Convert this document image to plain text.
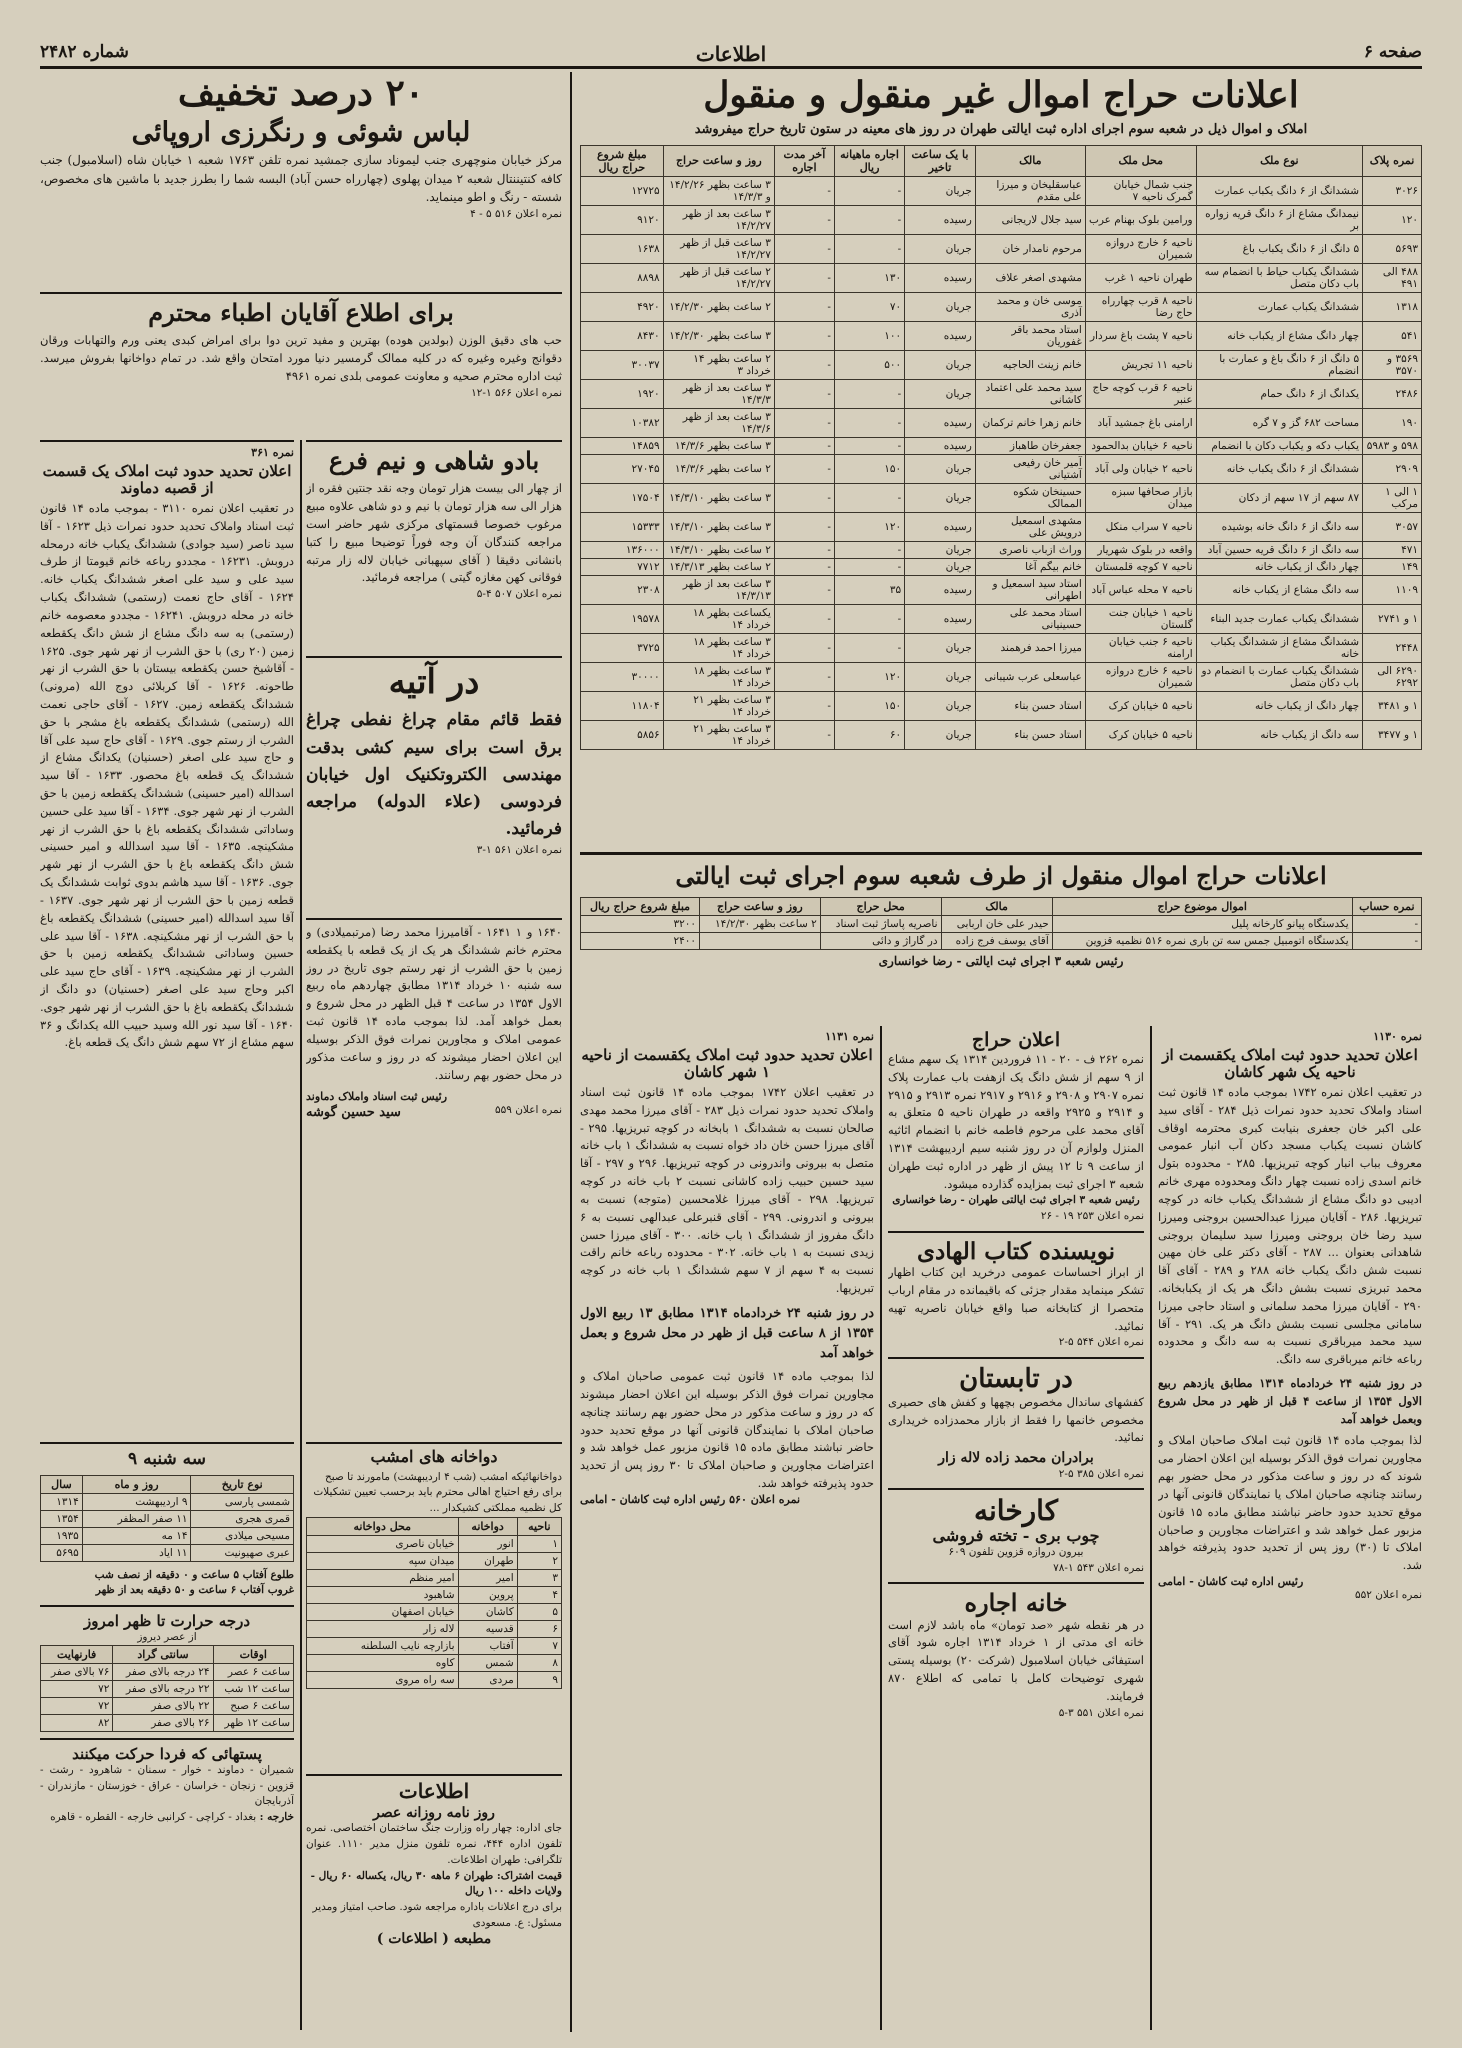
صفحه ۶
اطلاعات
شماره ۲۴۸۲
اعلانات حراج اموال غیر منقول و منقول
املاک و اموال ذیل در شعبه سوم اجرای اداره ثبت ایالتی طهران در روز های معینه در ستون تاریخ حراج میفروشد
نمره پلاک	نوع ملک	محل ملک	مالک	با یک ساعت تاخیر	اجاره ماهیانه ریال	آخر مدت اجاره	روز و ساعت حراج	مبلغ شروع حراج ریال
۳۰۲۶	ششدانگ از ۶ دانگ یکباب عمارت	جنب شمال خیابان گمرک ناحیه ۷	عباسقلیخان و میرزا علی مقدم	جریان	-	-	۳ ساعت بظهر ۱۴/۲/۲۶ و ۱۴/۳/۳	۱۲۷۲۵
۱۲۰	نیمدانگ مشاع از ۶ دانگ قریه زواره بر	ورامین بلوک بهنام عرب	سید جلال لاریجانی	رسیده	-	-	۳ ساعت بعد از ظهر ۱۴/۲/۲۷	۹۱۲۰
۵۶۹۳	۵ دانگ از ۶ دانگ یکباب باغ	ناحیه ۶ خارج دروازه شمیران	مرحوم نامدار خان	جریان	-	-	۳ ساعت قبل از ظهر ۱۴/۲/۲۷	۱۶۳۸
۴۸۸ الی ۴۹۱	ششدانگ یکباب حیاط با انضمام سه باب دکان متصل	طهران ناحیه ۱ غرب	مشهدی اصغر علاف	رسیده	۱۳۰	-	۲ ساعت قبل از ظهر ۱۴/۲/۲۷	۸۸۹۸
۱۳۱۸	ششدانگ یکباب عمارت	ناحیه ۸ قرب چهارراه حاج رضا	موسی خان و محمد آذری	جریان	۷۰	-	۲ ساعت بظهر ۱۴/۲/۳۰	۴۹۲۰
۵۴۱	چهار دانگ مشاع از یکباب خانه	ناحیه ۷ پشت باغ سردار	استاد محمد باقر غفوریان	رسیده	۱۰۰	-	۳ ساعت بظهر ۱۴/۲/۳۰	۸۴۳۰
۳۵۶۹ و ۳۵۷۰	۵ دانگ از ۶ دانگ باغ و عمارت با انضمام	ناحیه ۱۱ تجریش	خانم زینت الحاجیه	جریان	۵۰۰	-	۲ ساعت بظهر ۱۴ خرداد ۳	۳۰۰۳۷
۲۴۸۶	یکدانگ از ۶ دانگ حمام	ناحیه ۶ قرب کوچه حاج عنبر	سید محمد علی اعتماد کاشانی	جریان	-	-	۳ ساعت بعد از ظهر ۱۴/۳/۳	۱۹۲۰
۱۹۰	مساحت ۶۸۲ گز و ۷ گره	ارامنی باغ جمشید آباد	خانم زهرا خانم ترکمان	رسیده	-	-	۳ ساعت بعد از ظهر ۱۴/۳/۶	۱۰۳۸۲
۵۹۸ و ۵۹۸۳	یکباب دکه و یکباب دکان با انضمام	ناحیه ۶ خیابان بدالحمود	جعفرخان طاهباز	رسیده	-	-	۳ ساعت بظهر ۱۴/۳/۶	۱۴۸۵۹
۲۹۰۹	ششدانگ از ۶ دانگ یکباب خانه	ناحیه ۲ خیابان ولی آباد	آمیر خان رفیعی آشتیانی	جریان	۱۵۰	-	۲ ساعت بظهر ۱۴/۳/۶	۲۷۰۴۵
۱ الی ۱ مرکب	۸۷ سهم از ۱۷ سهم از دکان	بازار صحافها سبزه میدان	حسینخان شکوه الممالک	جریان	-	-	۳ ساعت بظهر ۱۴/۳/۱۰	۱۷۵۰۴
۳۰۵۷	سه دانگ از ۶ دانگ خانه بوشیده	ناحیه ۷ سراب منکل	مشهدی اسمعیل درویش علی	رسیده	۱۲۰	-	۳ ساعت بظهر ۱۴/۳/۱۰	۱۵۳۳۳
۴۷۱	سه دانگ از ۶ دانگ قریه حسین آباد	واقعه در بلوک شهریار	وراث ازباب ناصری	جریان	-	-	۲ ساعت بظهر ۱۴/۳/۱۰	۱۳۶۰۰۰
۱۴۹	چهار دانگ از یکباب خانه	ناحیه ۷ کوچه قلمستان	خانم بیگم آغا	جریان	-	-	۲ ساعت بظهر ۱۴/۳/۱۳	۷۷۱۲
۱۱۰۹	سه دانگ مشاع از یکباب خانه	ناحیه ۷ محله عباس آباد	استاد سید اسمعیل و اطهرانی	رسیده	۳۵	-	۳ ساعت بعد از ظهر ۱۴/۳/۱۳	۲۳۰۸
۱ و ۲۷۴۱	ششدانگ یکباب عمارت جدید البناء	ناحیه ۱ خیابان جنت گلستان	استاد محمد علی حسینیانی	رسیده	-	-	یکساعت بظهر ۱۸ خرداد ۱۴	۱۹۵۷۸
۲۴۴۸	ششدانگ مشاع از ششدانگ یکباب خانه	ناحیه ۶ جنب خیابان ارامنه	میرزا احمد فرهمند	جریان	-	-	۳ ساعت بظهر ۱۸ خرداد ۱۴	۳۷۲۵
۶۲۹۰ الی ۶۲۹۲	ششدانگ یکباب عمارت با انضمام دو باب دکان متصل	ناحیه ۶ خارج دروازه شمیران	عباسعلی عرب شیبانی	جریان	۱۲۰	-	۳ ساعت بظهر ۱۸ خرداد ۱۴	۳۰۰۰۰
۱ و ۳۴۸۱	چهار دانگ از یکباب خانه	ناحیه ۵ خیابان کرک	استاد حسن بناء	جریان	۱۵۰	-	۳ ساعت بظهر ۲۱ خرداد ۱۴	۱۱۸۰۴
۱ و ۳۴۷۷	سه دانگ از یکباب خانه	ناحیه ۵ خیابان کرک	استاد حسن بناء	جریان	۶۰	-	۳ ساعت بظهر ۲۱ خرداد ۱۴	۵۸۵۶
اعلانات حراج اموال منقول از طرف شعبه سوم اجرای ثبت ایالتی
نمره حساب	اموال موضوع حراج	مالک	محل حراج	روز و ساعت حراج	مبلغ شروع حراج ریال
-	یکدستگاه پیانو کارخانه پلیل	حیدر علی خان اربابی	ناصریه پاساژ ثبت اسناد	۲ ساعت بظهر ۱۴/۲/۳۰	۳۲۰۰
-	یکدستگاه اتومبیل جمس سه تن باری نمره ۵۱۶ نظمیه قزوین	آقای یوسف فرج زاده	در گاراژ و دائی		۲۴۰۰
رئیس شعبه ۳ اجرای ثبت ایالتی - رضا خوانساری
نمره ۱۱۳۰
اعلان تحدید حدود ثبت املاک یکقسمت از ناحیه یک شهر کاشان
در تعقیب اعلان نمره ۱۷۴۲ بموجب ماده ۱۴ قانون ثبت اسناد واملاک تحدید حدود نمرات ذیل ۲۸۴ - آقای سید علی اکبر خان جعفری بنیابت کبری محترمه اوقاف کاشان نسبت یکباب مسجد دکان آب انبار عمومی معروف بباب انبار کوچه تبریزیها. ۲۸۵ - محدوده بتول خانم اسدی زاده نسبت چهار دانگ ومحدوده مهری خانم ادیبی دو دانگ مشاع از ششدانگ یکباب خانه در کوچه تبریزیها. ۲۸۶ - آقایان میرزا عبدالحسین بروجنی ومیرزا سید رضا خان بروجنی ومیرزا سید سلیمان بروجنی شاهدانی بعنوان ... ۲۸۷ - آقای دکتر علی خان مهین نسبت شش دانگ یکباب خانه ۲۸۸ و ۲۸۹ - آقای آقا محمد تبریزی نسبت بشش دانگ هر یک از یکبابخانه. ۲۹۰ - آقایان میرزا محمد سلمانی و استاد حاجی میرزا سامانی مجلسی نسبت بشش دانگ هر یک. ۲۹۱ - آقا سید محمد میرباقری نسبت به سه دانگ و محدوده رباعه خانم میرباقری سه دانگ.
در روز شنبه ۲۴ خردادماه ۱۳۱۴ مطابق یازدهم ربیع الاول ۱۳۵۴ از ساعت ۴ قبل از ظهر در محل شروع وبعمل خواهد آمد
لذا بموجب ماده ۱۴ قانون ثبت املاک صاحبان املاک و مجاورین نمرات فوق الذکر بوسیله این اعلان احضار می شوند که در روز و ساعت مذکور در محل حضور بهم رسانند چنانچه صاحبان املاک یا نمایندگان قانونی آنها در موقع تحدید حدود حاضر نباشند مطابق ماده ۱۵ قانون مزبور عمل خواهد شد و اعتراضات مجاورین و صاحبان املاک تا (۳۰) روز پس از تحدید حدود پذیرفته خواهد شد.
رئیس اداره ثبت کاشان - امامی
نمره اعلان ۵۵۲
اعلان حراج
نمره ۲۶۲ ف - ۲۰ - ۱۱ فروردین ۱۳۱۴ یک سهم مشاع از ۹ سهم از شش دانگ یک ازهفت باب عمارت پلاک نمره ۲۹۰۷ و ۲۹۰۸ و ۲۹۱۶ و ۲۹۱۷ نمره ۲۹۱۳ و ۲۹۱۵ و ۲۹۱۴ و ۲۹۲۵ واقعه در طهران ناحیه ۵ متعلق به آقای محمد علی مرحوم فاطمه خانم با انضمام اثاثیه المنزل ولوازم آن در روز شنبه سیم اردیبهشت ۱۳۱۴ از ساعت ۹ تا ۱۲ پیش از ظهر در اداره ثبت طهران شعبه ۳ اجرای ثبت بمزایده گذارده میشود.
رئیس شعبه ۳ اجرای ثبت ایالتی طهران - رضا خوانساری
نمره اعلان ۲۵۳ ۱۹ - ۲۶
نویسنده کتاب الهادی
از ابراز احساسات عمومی درخرید این کتاب اظهار تشکر مینماید مقدار جزئی که باقیمانده در مقام ارباب متحصرا از کتابخانه صبا واقع خیابان ناصریه تهیه نمائید.
نمره اعلان ۵۴۴ ۵-۲
در تابستان
کفشهای ساندال مخصوص بچهها و کفش های حصیری مخصوص خانمها را فقط از بازار محمدزاده خریداری نمائید.
برادران محمد زاده لاله زار
نمره اعلان ۳۸۵ ۵-۲
کارخانه
چوب بری - تخته فروشی
بیرون دروازه قزوین تلفون ۶۰۹
نمره اعلان ۵۴۳ ۱-۷۸
خانه اجاره
در هر نقطه شهر «صد تومان» ماه باشد لازم است خانه ای مدتی از ۱ خرداد ۱۳۱۴ اجاره شود آقای استیفائی خیابان اسلامبول (شرکت ۲۰) بوسیله پستی شهری توضیحات کامل با تمامی که اطلاع ۸۷۰ فرمایند.
نمره اعلان ۵۵۱ ۳-۵
نمره ۱۱۳۱
اعلان تحدید حدود ثبت املاک یکقسمت از ناحیه ۱ شهر کاشان
در تعقیب اعلان ۱۷۴۲ بموجب ماده ۱۴ قانون ثبت اسناد واملاک تحدید حدود نمرات ذیل ۲۸۳ - آقای میرزا محمد مهدی صالحان نسبت به ششدانگ ۱ بابخانه در کوچه تبریزیها. ۲۹۵ - آقای میرزا حسن خان داد خواه نسبت به ششدانگ ۱ باب خانه متصل به بیرونی واندرونی در کوچه تبریزیها. ۲۹۶ و ۲۹۷ - آقا سید حسین حبیب زاده کاشانی نسبت ۲ باب خانه در کوچه تبریزیها. ۲۹۸ - آقای میرزا غلامحسین (متوجه) نسبت به بیرونی و اندرونی. ۲۹۹ - آقای قنبرعلی عبدالهی نسبت به ۶ دانگ مفروز از ششدانگ ۱ باب خانه. ۳۰۰ - آقای میرزا حسن زیدی نسبت به ۱ باب خانه. ۳۰۲ - محدوده رباعه خانم راقت نسبت به ۴ سهم از ۷ سهم ششدانگ ۱ باب خانه در کوچه تبریزیها.
در روز شنبه ۲۴ خردادماه ۱۳۱۴ مطابق ۱۳ ربیع الاول ۱۳۵۴ از ۸ ساعت قبل از ظهر در محل شروع و بعمل خواهد آمد
لذا بموجب ماده ۱۴ قانون ثبت عمومی صاحبان املاک و مجاورین نمرات فوق الذکر بوسیله این اعلان احضار میشوند که در روز و ساعت مذکور در محل حضور بهم رسانند چنانچه صاحبان املاک با نمایندگان قانونی آنها در موقع تحدید حدود حاضر نباشند مطابق ماده ۱۵ قانون مزبور عمل خواهد شد و اعتراضات مجاورین و صاحبان املاک تا ۳۰ روز پس از تحدید حدود پذیرفته خواهد شد.
نمره اعلان ۵۶۰ رئیس اداره ثبت کاشان - امامی
۲۰ درصد تخفیف
لباس شوئی و رنگرزی اروپائی
مرکز خیابان منوچهری جنب لیموناد سازی جمشید نمره تلفن ۱۷۶۳ شعبه ۱ خیابان شاه (اسلامبول) جنب کافه کنتیننتال شعبه ۲ میدان پهلوی (چهارراه حسن آباد) البسه شما را بطرز جدید با ماشین های مخصوص، شسته - رنگ و اطو مینماید.
نمره اعلان ۵۱۶ ۵ - ۴
برای اطلاع آقایان اطباء محترم
حب های دقیق الوزن (بولدین هوده) بهترین و مفید ترین دوا برای امراض کبدی یعنی ورم والتهابات ورقان دقوانج وغیره وغیره که در کلیه ممالک گرمسیر دنیا مورد امتحان واقع شد. در تمام دواخانها بفروش میرسد. ثبت اداره محترم صحیه و معاونت عمومی بلدی نمره ۴۹۶۱
نمره اعلان ۵۶۶ ۱-۱۲
بادو شاهی و نیم فرع
از چهار الی بیست هزار تومان وجه نقد جنتین فقره از هزار الی سه هزار تومان با نیم و دو شاهی علاوه مبیع مرغوب خصوصا قسمتهای مرکزی شهر حاضر است مراجعه کنندگان آن وجه فوراً توضیحا مبیع را کتبا بانشانی دقیقا ( آقای سپهبانی خیابان لاله زار مرتبه فوقانی کهن مغازه گیتی ) مراجعه فرمائید.
نمره اعلان ۵۰۷ ۴-۵
در آتیه
فقط قائم مقام چراغ نفطی چراغ برق است برای سیم کشی بدقت مهندسی الکتروتکنیک اول خیابان فردوسی (علاء الدوله) مراجعه فرمائید.
نمره اعلان ۵۶۱ ۱-۳
۱۶۴۰ و ۱ ۱۶۴۱ - آقامیرزا محمد رضا (مرتبمیلادی) و محترم خانم ششدانگ هر یک از یک قطعه با یکقطعه زمین با حق الشرب از نهر رستم جوی تاریخ در روز سه شنبه ۱۰ خرداد ۱۳۱۴ مطابق چهاردهم ماه ربیع الاول ۱۳۵۴ در ساعت ۴ قبل الظهر در محل شروع و بعمل خواهد آمد. لذا بموجب ماده ۱۴ قانون ثبت عمومی املاک و مجاورین نمرات فوق الذکر بوسیله این اعلان احضار میشوند که در روز و ساعت مذکور در محل حضور بهم رسانند.
رئیس ثبت اسناد واملاک دماوند
نمره اعلان ۵۵۹
سید حسین گوشه
نمره ۳۶۱
اعلان تحدید حدود ثبت املاک یک قسمت از قصبه دماوند
در تعقیب اعلان نمره ۳۱۱۰ - بموجب ماده ۱۴ قانون ثبت اسناد واملاک تحدید حدود نمرات ذیل ۱۶۲۳ - آقا سید ناصر (سید جوادی) ششدانگ یکباب خانه درمحله دروبش. ۱۶۲۳۱ - مجددو رباعه خانم قیومتا از طرف سید علی و سید علی اصغر ششدانگ یکباب خانه. ۱۶۲۴ - آقای حاج نعمت (رستمی) ششدانگ یکباب خانه در محله دروبش. ۱۶۲۴۱ - مجددو معصومه خانم (رستمی) به سه دانگ مشاع از شش دانگ یکقطعه زمین (۲۰ ری) با حق الشرب از نهر شهر جوی. ۱۶۲۵ - آقاشیخ حسن یکقطعه بیستان با حق الشرب از نهر طاحونه. ۱۶۲۶ - آقا کربلائی دوج الله (مرونی) ششدانگ یکقطعه زمین. ۱۶۲۷ - آقای حاجی نعمت الله (رستمی) ششدانگ یکقطعه باغ مشجر با حق الشرب از رستم جوی. ۱۶۲۹ - آقای حاج سید علی آقا و حاج سید علی اصغر (حسنیان) یکدانگ مشاع از ششدانگ یک قطعه باغ محصور. ۱۶۳۳ - آقا سید اسدالله (امیر حسینی) ششدانگ یکقطعه زمین با حق الشرب از نهر شهر جوی. ۱۶۳۴ - آقا سید علی حسین وساداتی ششدانگ یکقطعه باغ با حق الشرب از نهر مشکینچه. ۱۶۳۵ - آقا سید اسدالله و امیر حسینی شش دانگ یکقطعه باغ با حق الشرب از نهر شهر جوی. ۱۶۳۶ - آقا سید هاشم بدوی ثوابت ششدانگ یک قطعه زمین با حق الشرب از نهر شهر جوی. ۱۶۳۷ - آقا سید اسدالله (امیر حسینی) ششدانگ یکقطعه باغ با حق الشرب از نهر مشکینچه. ۱۶۳۸ - آقا سید علی حسین وساداتی ششدانگ یکقطعه زمین با حق الشرب از نهر مشکینچه. ۱۶۳۹ - آقای حاج سید علی اکبر وحاج سید علی اصغر (حسنیان) دو دانگ از ششدانگ یکقطعه باغ با حق الشرب از نهر شهر جوی. ۱۶۴۰ - آقا سید نور الله وسید حبیب الله یکدانگ و ۳۶ سهم مشاع از ۷۲ سهم شش دانگ یک قطعه باغ.
دواخانه های امشب
دواخانهائیکه امشب (شب ۴ اردیبهشت) مامورند تا صبح برای رفع احتیاج اهالی محترم باید برحسب تعیین تشکیلات کل نظمیه مملکتی کشیکدار ...
ناحیه	دواخانه	محل دواخانه
۱	انور	خیابان ناصری
۲	طهران	میدان سپه
۳	امیر	امیر منظم
۴	پروین	شاهبود
۵	کاشان	خیابان اصفهان
۶	قدسیه	لاله زار
۷	آفتاب	بازارچه نایب السلطنه
۸	شمس	کاوه
۹	مردی	سه راه مروی
اطلاعات
روز نامه روزانه عصر
جای اداره: چهار راه وزارت جنگ ساختمان اختصاصی. نمره تلفون اداره ۴۴۴، نمره تلفون منزل مدیر ۱۱۱۰. عنوان تلگرافی: طهران اطلاعات.
قیمت اشتراک: طهران ۶ ماهه ۳۰ ریال، یکساله ۶۰ ریال - ولایات داخله ۱۰۰ ریال
برای درج اعلانات باداره مراجعه شود. صاحب امتیاز ومدیر مسئول: ع. مسعودی
مطبعه ( اطلاعات )
سه شنبه ۹
نوع تاریخ	روز و ماه	سال
شمسی پارسی	۹ اردیبهشت	۱۳۱۴
قمری هجری	۱۱ صفر المظفر	۱۳۵۴
مسیحی میلادی	۱۴ مه	۱۹۳۵
عبری صهیونیت	۱۱ ایاد	۵۶۹۵
طلوع آفتاب ۵ ساعت و ۰ دقیقه از نصف شب
غروب آفتاب ۶ ساعت و ۵۰ دقیقه بعد از ظهر
درجه حرارت تا ظهر امروز
از عصر دیروز
اوقات	سانتی گراد	فارنهایت
ساعت ۶ عصر	۲۴ درجه بالای صفر	۷۶ بالای صفر
ساعت ۱۲ شب	۲۲ درجه بالای صفر	۷۲
ساعت ۶ صبح	۲۲ بالای صفر	۷۲
ساعت ۱۲ ظهر	۲۶ بالای صفر	۸۲
پستهائی که فردا حرکت میکنند
شمیران - دماوند - خوار - سمنان - شاهرود - رشت - قزوین - زنجان - خراسان - عراق - خوزستان - مازندران - آذربایجان
خارجه : بغداد - کراچی - کرانبی خارجه - القطره - قاهره
